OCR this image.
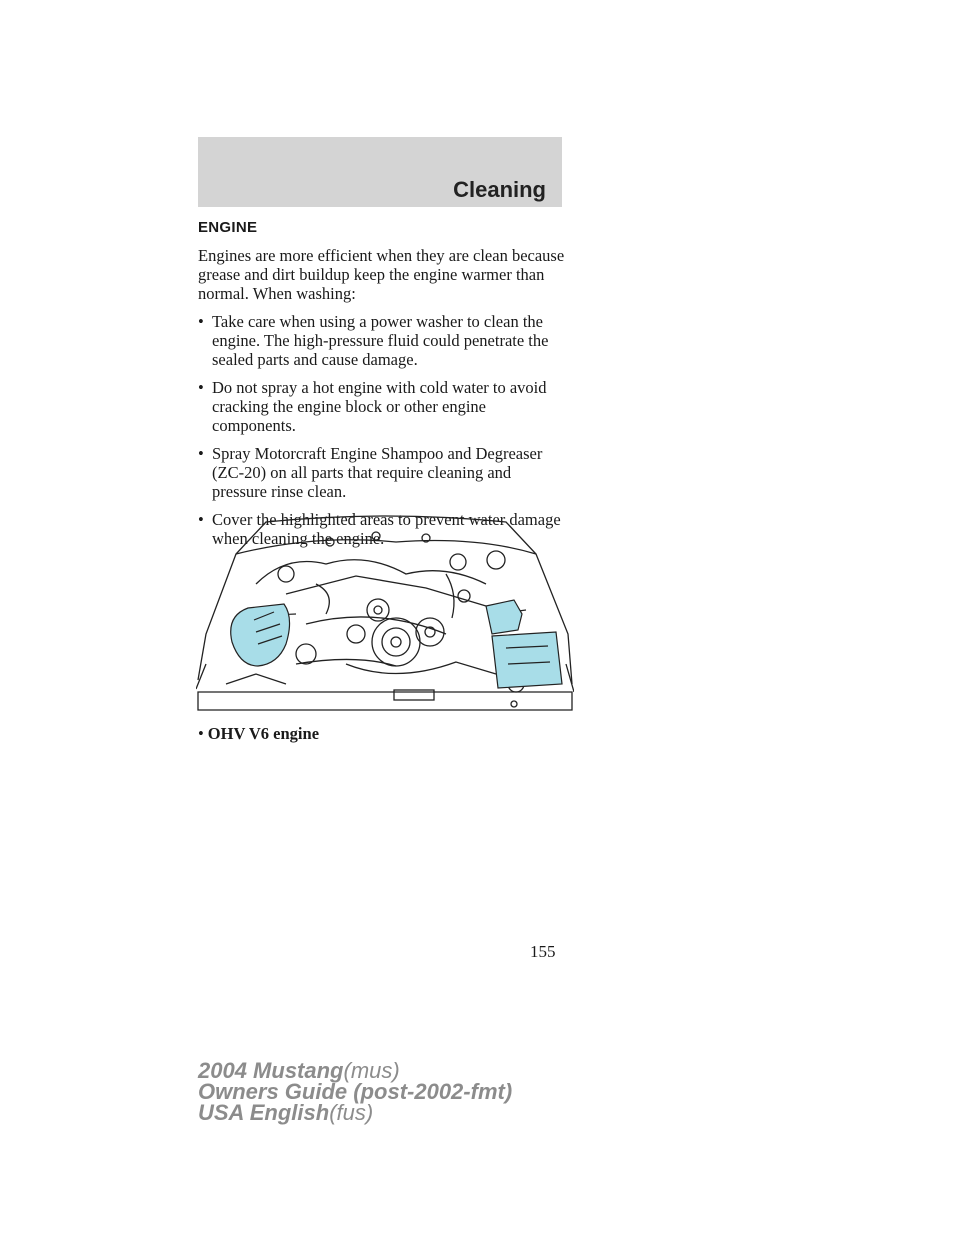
Cleaning
ENGINE

Engines are more efficient when they are clean because grease and dirt buildup keep the engine warmer than normal. When washing:

• Take care when using a power washer to clean the engine. The high-pressure fluid could penetrate the sealed parts and cause damage.
• Do not spray a hot engine with cold water to avoid cracking the engine block or other engine components.
• Spray Motorcraft Engine Shampoo and Degreaser (ZC-20) on all parts that require cleaning and pressure rinse clean.
• Cover the highlighted areas to prevent water damage when cleaning the engine.
• OHV V6 engine
155
2004 Mustang(mus)
Owners Guide (post-2002-fmt)
USA English(fus)
